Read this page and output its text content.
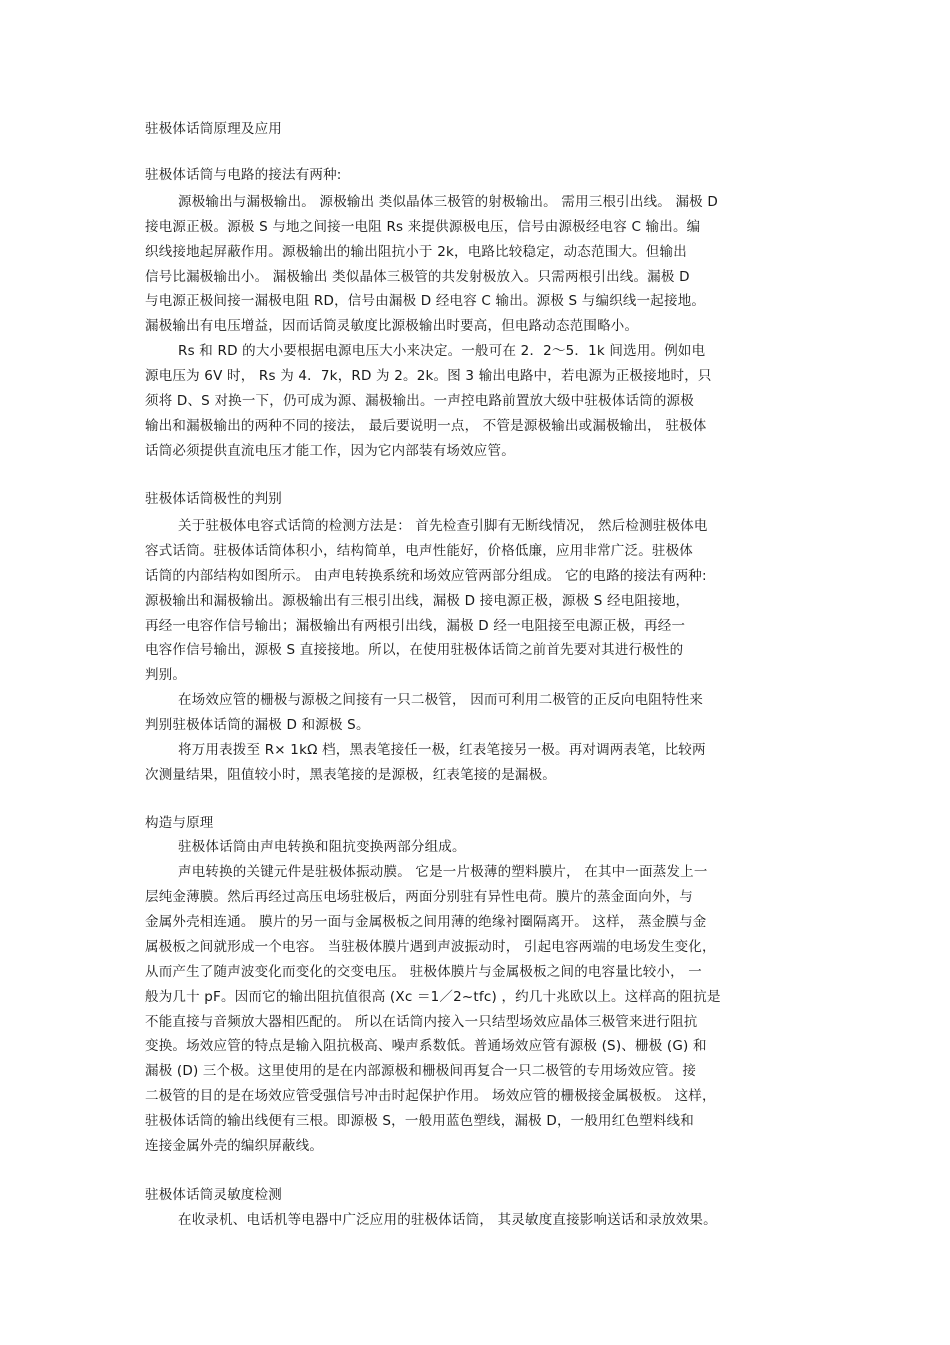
驻极体话筒原理及应用
驻极体话筒与电路的接法有两种:
源极输出与漏极输出。 源极输出 类似晶体三极管的射极输出。 需用三根引出线。 漏极 D
接电源正极。源极 S 与地之间接一电阻 Rs 来提供源极电压，信号由源极经电容 C 输出。编
织线接地起屏蔽作用。源极输出的输出阻抗小于 2k，电路比较稳定，动态范围大。但输出
信号比漏极输出小。 漏极输出 类似晶体三极管的共发射极放入。只需两根引出线。漏极 D
与电源正极间接一漏极电阻 RD，信号由漏极 D 经电容 C 输出。源极 S 与编织线一起接地。
漏极输出有电压增益，因而话筒灵敏度比源极输出时要高，但电路动态范围略小。
Rs 和 RD 的大小要根据电源电压大小来决定。一般可在 2．2～5．1k 间选用。例如电
源电压为 6V 时， Rs 为 4．7k，RD 为 2。2k。图 3 输出电路中，若电源为正极接地时，只
须将 D、S 对换一下，仍可成为源、漏极输出。一声控电路前置放大级中驻极体话筒的源极
输出和漏极输出的两种不同的接法， 最后要说明一点， 不管是源极输出或漏极输出， 驻极体
话筒必须提供直流电压才能工作，因为它内部装有场效应管。
驻极体话筒极性的判别
关于驻极体电容式话筒的检测方法是： 首先检查引脚有无断线情况， 然后检测驻极体电
容式话筒。驻极体话筒体积小，结构简单，电声性能好，价格低廉，应用非常广泛。驻极体
话筒的内部结构如图所示。 由声电转换系统和场效应管两部分组成。 它的电路的接法有两种:
源极输出和漏极输出。源极输出有三根引出线，漏极 D 接电源正极，源极 S 经电阻接地，
再经一电容作信号输出；漏极输出有两根引出线，漏极 D 经一电阻接至电源正极，再经一
电容作信号输出，源极 S 直接接地。所以，在使用驻极体话筒之前首先要对其进行极性的
判别。
在场效应管的栅极与源极之间接有一只二极管， 因而可利用二极管的正反向电阻特性来
判别驻极体话筒的漏极 D 和源极 S。
将万用表拨至 R× 1kΩ 档，黑表笔接任一极，红表笔接另一极。再对调两表笔，比较两
次测量结果，阻值较小时，黑表笔接的是源极，红表笔接的是漏极。
构造与原理
驻极体话筒由声电转换和阻抗变换两部分组成。
声电转换的关键元件是驻极体振动膜。 它是一片极薄的塑料膜片， 在其中一面蒸发上一
层纯金薄膜。然后再经过高压电场驻极后，两面分别驻有异性电荷。膜片的蒸金面向外，与
金属外壳相连通。 膜片的另一面与金属极板之间用薄的绝缘衬圈隔离开。 这样， 蒸金膜与金
属极板之间就形成一个电容。 当驻极体膜片遇到声波振动时， 引起电容两端的电场发生变化，
从而产生了随声波变化而变化的交变电压。 驻极体膜片与金属极板之间的电容量比较小， 一
般为几十 pF。因而它的输出阻抗值很高 (Xc ＝1／2~tfc) ，约几十兆欧以上。这样高的阻抗是
不能直接与音频放大器相匹配的。 所以在话筒内接入一只结型场效应晶体三极管来进行阻抗
变换。场效应管的特点是输入阻抗极高、噪声系数低。普通场效应管有源极 (S)、栅极 (G) 和
漏极 (D) 三个极。这里使用的是在内部源极和栅极间再复合一只二极管的专用场效应管。接
二极管的目的是在场效应管受强信号冲击时起保护作用。 场效应管的栅极接金属极板。 这样，
驻极体话筒的输出线便有三根。即源极 S，一般用蓝色塑线，漏极 D，一般用红色塑料线和
连接金属外壳的编织屏蔽线。
驻极体话筒灵敏度检测
在收录机、电话机等电器中广泛应用的驻极体话筒， 其灵敏度直接影响送话和录放效果。
